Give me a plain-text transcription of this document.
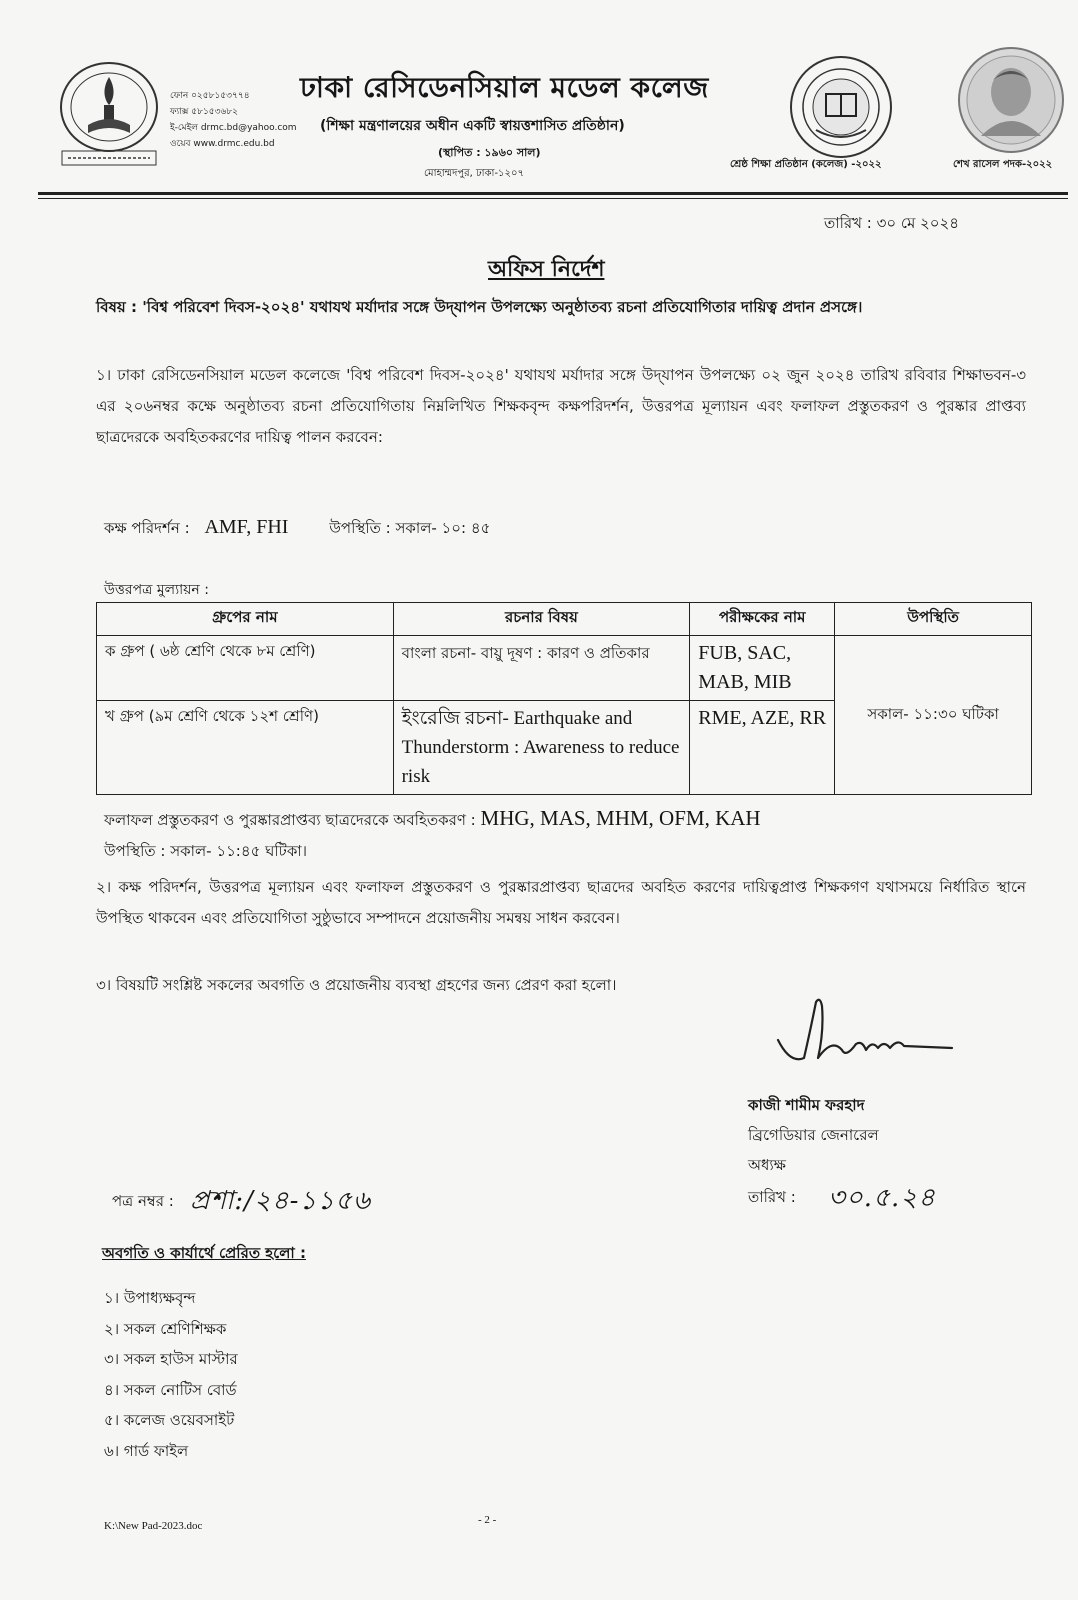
ফোন ০২৫৮১৫৩৭৭৪
ফ্যাক্স ৫৮১৫৩৬৮২
ই-মেইল drmc.bd@yahoo.com
ওয়েব www.drmc.edu.bd
ঢাকা রেসিডেনসিয়াল মডেল কলেজ
(শিক্ষা মন্ত্রণালয়ের অধীন একটি স্বায়ত্তশাসিত প্রতিষ্ঠান)
(স্থাপিত : ১৯৬০ সাল)
মোহাম্মদপুর, ঢাকা-১২০৭
শ্রেষ্ঠ শিক্ষা প্রতিষ্ঠান (কলেজ) -২০২২	শেখ রাসেল পদক-২০২২
তারিখ : ৩০ মে ২০২৪
অফিস নির্দেশ
বিষয় : 'বিশ্ব পরিবেশ দিবস-২০২৪' যথাযথ মর্যাদার সঙ্গে উদ্‌যাপন উপলক্ষ্যে অনুষ্ঠাতব্য রচনা প্রতিযোগিতার দায়িত্ব প্রদান প্রসঙ্গে।
১। ঢাকা রেসিডেনসিয়াল মডেল কলেজে 'বিশ্ব পরিবেশ দিবস-২০২৪' যথাযথ মর্যাদার সঙ্গে উদ্‌যাপন উপলক্ষ্যে ০২ জুন ২০২৪ তারিখ রবিবার শিক্ষাভবন-৩ এর ২০৬নম্বর কক্ষে অনুষ্ঠাতব্য রচনা প্রতিযোগিতায় নিম্নলিখিত শিক্ষকবৃন্দ কক্ষপরিদর্শন, উত্তরপত্র মূল্যায়ন এবং ফলাফল প্রস্তুতকরণ ও পুরষ্কার প্রাপ্তব্য ছাত্রদেরকে অবহিতকরণের দায়িত্ব পালন করবেন:
কক্ষ পরিদর্শন : AMF, FHI	উপস্থিতি : সকাল- ১০: ৪৫
উত্তরপত্র মুল্যায়ন :
গ্রুপের নাম	রচনার বিষয়	পরীক্ষকের নাম	উপস্থিতি
ক গ্রুপ ( ৬ষ্ঠ শ্রেণি থেকে ৮ম শ্রেণি)	বাংলা রচনা- বায়ু দূষণ : কারণ ও প্রতিকার	FUB, SAC, MAB, MIB	সকাল- ১১:৩০ ঘটিকা
খ গ্রুপ (৯ম শ্রেণি থেকে ১২শ শ্রেণি)	ইংরেজি রচনা- Earthquake and Thunderstorm : Awareness to reduce risk	RME, AZE, RR	
ফলাফল প্রস্তুতকরণ ও পুরষ্কারপ্রাপ্তব্য ছাত্রদেরকে অবহিতকরণ : MHG, MAS, MHM, OFM, KAH
উপস্থিতি : সকাল- ১১:৪৫ ঘটিকা।
২। কক্ষ পরিদর্শন, উত্তরপত্র মূল্যায়ন এবং ফলাফল প্রস্তুতকরণ ও পুরষ্কারপ্রাপ্তব্য ছাত্রদের অবহিত করণের দায়িত্বপ্রাপ্ত শিক্ষকগণ যথাসময়ে নির্ধারিত স্থানে উপস্থিত থাকবেন এবং প্রতিযোগিতা সুষ্ঠুভাবে সম্পাদনে প্রয়োজনীয় সমন্বয় সাধন করবেন।
৩। বিষয়টি সংশ্লিষ্ট সকলের অবগতি ও প্রয়োজনীয় ব্যবস্থা গ্রহণের জন্য প্রেরণ করা হলো।
কাজী শামীম ফরহাদ
ব্রিগেডিয়ার জেনারেল
অধ্যক্ষ
তারিখ : ৩০.৫.২৪
পত্র নম্বর : প্রশা:/২৪-১১৫৬
অবগতি ও কার্যার্থে প্রেরিত হলো :
১। উপাধ্যক্ষবৃন্দ
২। সকল শ্রেণিশিক্ষক
৩। সকল হাউস মাস্টার
৪। সকল নোটিস বোর্ড
৫। কলেজ ওয়েবসাইট
৬। গার্ড ফাইল
K:\New Pad-2023.doc	- 2 -
